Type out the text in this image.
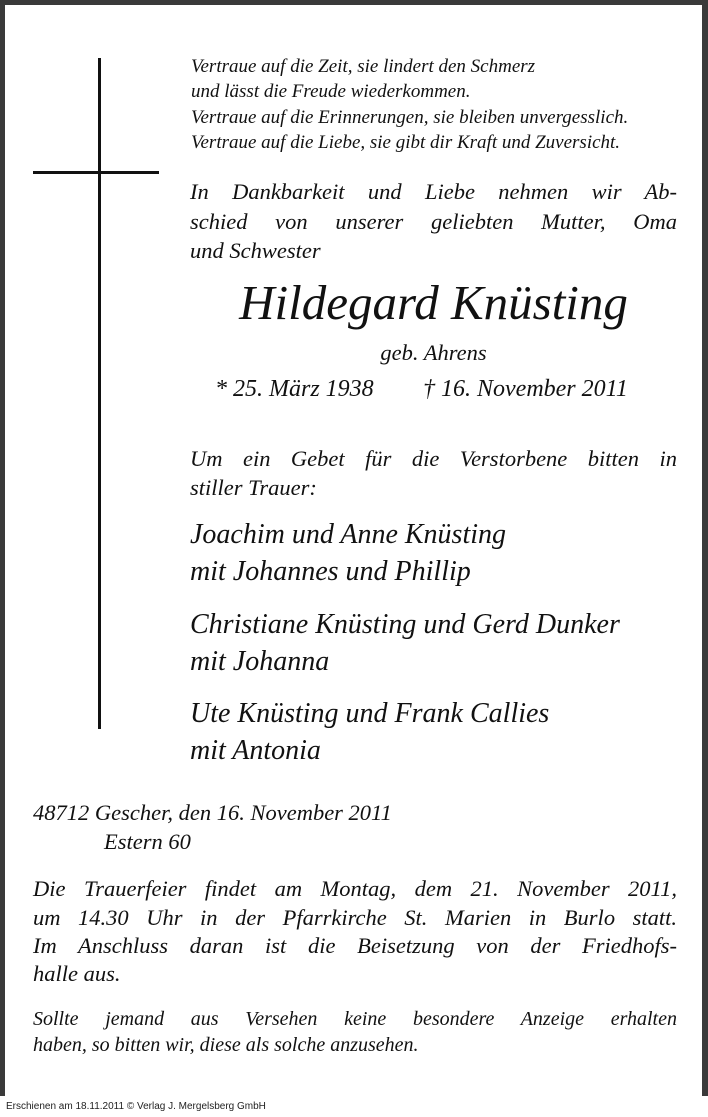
Vertraue auf die Zeit, sie lindert den Schmerz

und lässt die Freude wiederkommen.

Vertraue auf die Erinnerungen, sie bleiben unvergesslich.

Vertraue auf die Liebe, sie gibt dir Kraft und Zuversicht.

In Dankbarkeit und Liebe nehmen wir Ab-

schied von unserer geliebten Mutter, Oma

und Schwester

Hildegard Knüsting

geb. Ahrens

* 25. März 1938 † 16. November 2011

Um ein Gebet für die Verstorbene bitten in

stiller Trauer:

Joachim und Anne Knüsting

mit Johannes und Phillip

Christiane Knüsting und Gerd Dunker

mit Johanna

Ute Knüsting und Frank Callies

mit Antonia

48712 Gescher, den 16. November 2011

Estern 60

Die Trauerfeier findet am Montag, dem 21. November 2011,

um 14.30 Uhr in der Pfarrkirche St. Marien in Burlo statt.

Im Anschluss daran ist die Beisetzung von der Friedhofs-

halle aus.

Sollte jemand aus Versehen keine besondere Anzeige erhalten

haben, so bitten wir, diese als solche anzusehen.

Erschienen am 18.11.2011 © Verlag J. Mergelsberg GmbH
